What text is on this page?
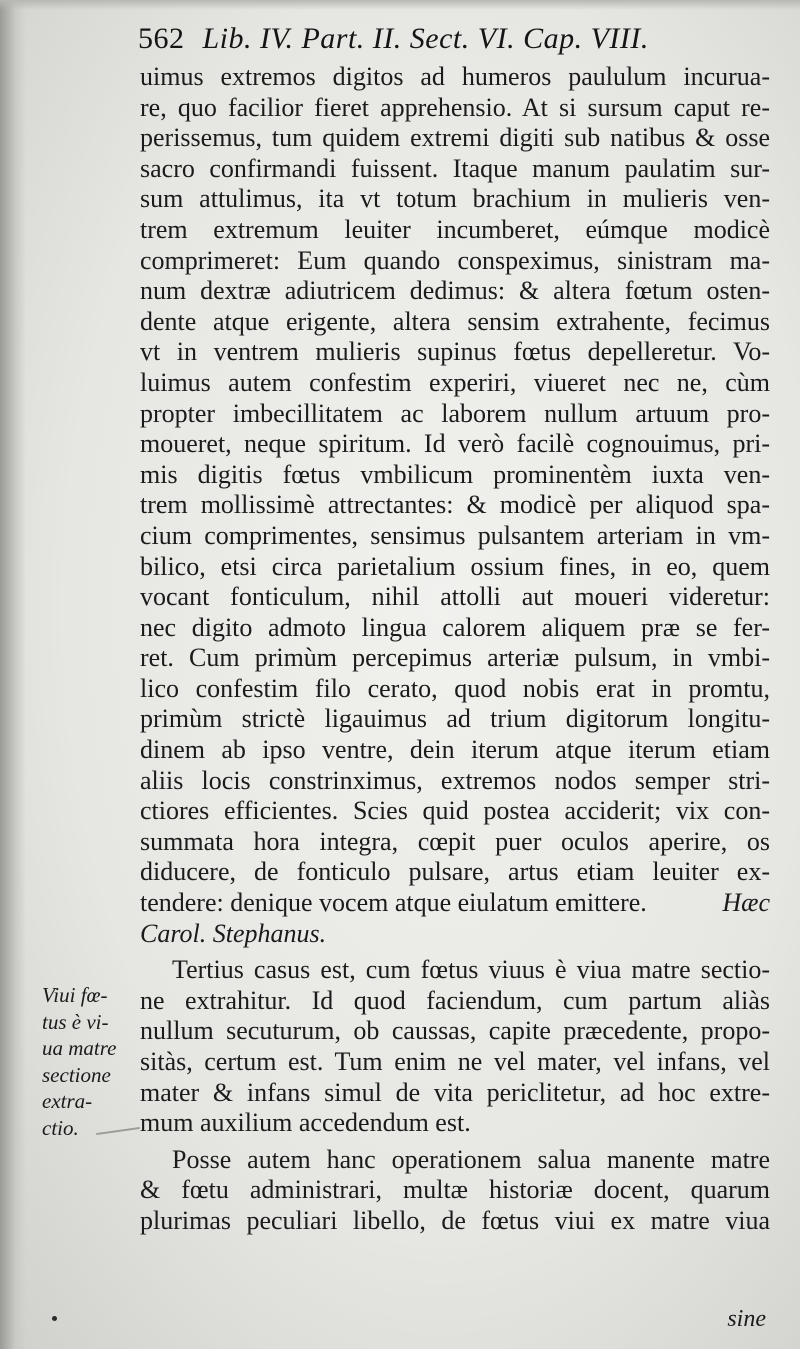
562 Lib. IV. Part. II. Sect. VI. Cap. VIII.
uimus extremos digitos ad humeros paululum incurua-
re, quo facilior fieret apprehensio. At si sursum caput re-
perissemus, tum quidem extremi digiti sub natibus & osse
sacro confirmandi fuissent. Itaque manum paulatim sur-
sum attulimus, ita vt totum brachium in mulieris ven-
trem extremum leuiter incumberet, eúmque modicè
comprimeret: Eum quando conspeximus, sinistram ma-
num dextræ adiutricem dedimus: & altera fœtum osten-
dente atque erigente, altera sensim extrahente, fecimus
vt in ventrem mulieris supinus fœtus depelleretur. Vo-
luimus autem confestim experiri, viueret nec ne, cùm
propter imbecillitatem ac laborem nullum artuum pro-
moueret, neque spiritum. Id verò facilè cognouimus, pri-
mis digitis fœtus vmbilicum prominentèm iuxta ven-
trem mollissimè attrectantes: & modicè per aliquod spa-
cium comprimentes, sensimus pulsantem arteriam in vm-
bilico, etsi circa parietalium ossium fines, in eo, quem
vocant fonticulum, nihil attolli aut moueri videretur:
nec digito admoto lingua calorem aliquem præ se fer-
ret. Cum primùm percepimus arteriæ pulsum, in vmbi-
lico confestim filo cerato, quod nobis erat in promtu,
primùm strictè ligauimus ad trium digitorum longitu-
dinem ab ipso ventre, dein iterum atque iterum etiam
aliis locis constrinximus, extremos nodos semper stri-
ctiores efficientes. Scies quid postea acciderit; vix con-
summata hora integra, cœpit puer oculos aperire, os
diducere, de fonticulo pulsare, artus etiam leuiter ex-
tendere: denique vocem atque eiulatum emittere.	Hæc
Carol. Stephanus.
Tertius casus est, cum fœtus viuus è viua matre sectio-
ne extrahitur. Id quod faciendum, cum partum aliàs
nullum secuturum, ob caussas, capite præcedente, propo-
sitàs, certum est. Tum enim ne vel mater, vel infans, vel
mater & infans simul de vita periclitetur, ad hoc extre-
mum auxilium accedendum est.
Posse autem hanc operationem salua manente matre
& fœtu administrari, multæ historiæ docent, quarum
plurimas peculiari libello, de fœtus viui ex matre viua
Viui fœ-
tus è vi-
ua matre
sectione
extra-
ctio.
sine
